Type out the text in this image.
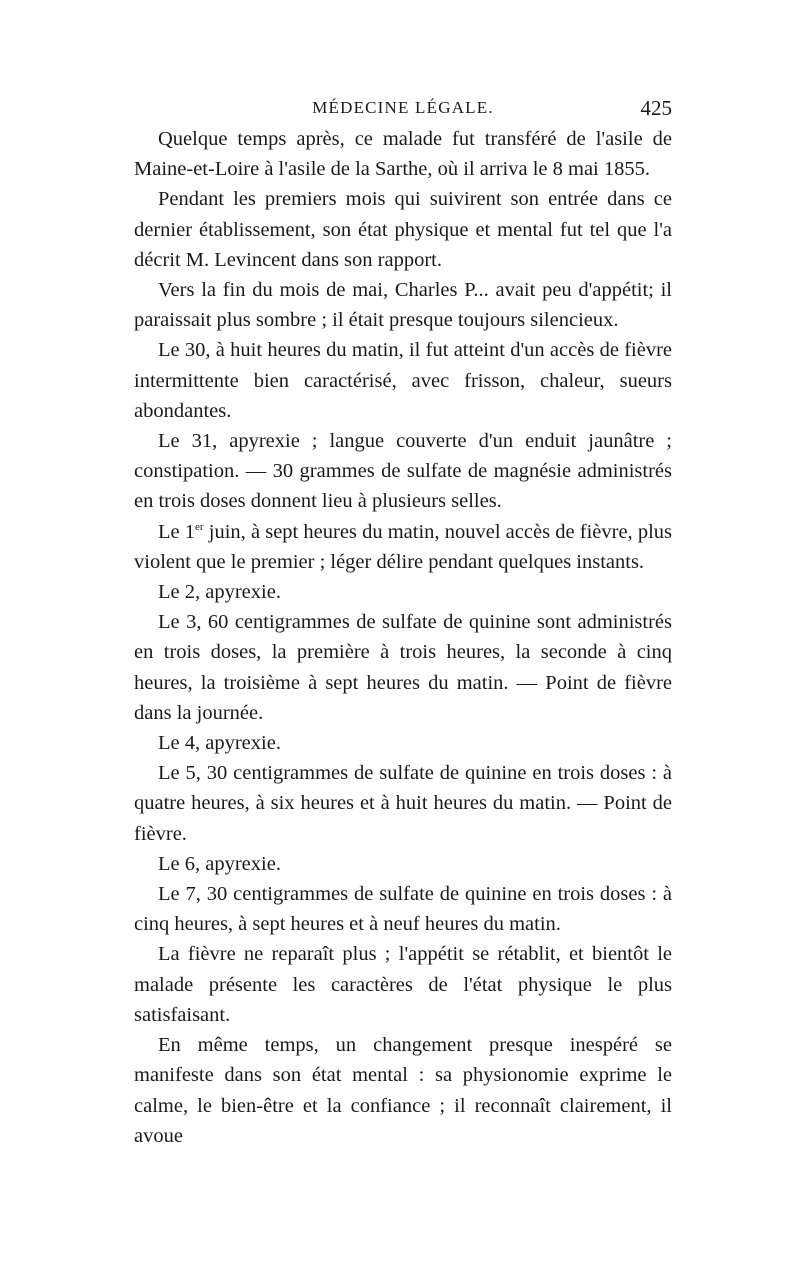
MÉDECINE LÉGALE.	425

Quelque temps après, ce malade fut transféré de l'asile de Maine-et-Loire à l'asile de la Sarthe, où il arriva le 8 mai 1855.

Pendant les premiers mois qui suivirent son entrée dans ce dernier établissement, son état physique et mental fut tel que l'a décrit M. Levincent dans son rapport.

Vers la fin du mois de mai, Charles P... avait peu d'appétit; il paraissait plus sombre ; il était presque toujours silencieux.

Le 30, à huit heures du matin, il fut atteint d'un accès de fièvre intermittente bien caractérisé, avec frisson, chaleur, sueurs abondantes.

Le 31, apyrexie ; langue couverte d'un enduit jaunâtre ; constipation. — 30 grammes de sulfate de magnésie administrés en trois doses donnent lieu à plusieurs selles.

Le 1er juin, à sept heures du matin, nouvel accès de fièvre, plus violent que le premier ; léger délire pendant quelques instants.

Le 2, apyrexie.

Le 3, 60 centigrammes de sulfate de quinine sont administrés en trois doses, la première à trois heures, la seconde à cinq heures, la troisième à sept heures du matin. — Point de fièvre dans la journée.

Le 4, apyrexie.

Le 5, 30 centigrammes de sulfate de quinine en trois doses : à quatre heures, à six heures et à huit heures du matin. — Point de fièvre.

Le 6, apyrexie.

Le 7, 30 centigrammes de sulfate de quinine en trois doses : à cinq heures, à sept heures et à neuf heures du matin.

La fièvre ne reparaît plus ; l'appétit se rétablit, et bientôt le malade présente les caractères de l'état physique le plus satisfaisant.

En même temps, un changement presque inespéré se manifeste dans son état mental : sa physionomie exprime le calme, le bien-être et la confiance ; il reconnaît clairement, il avoue
